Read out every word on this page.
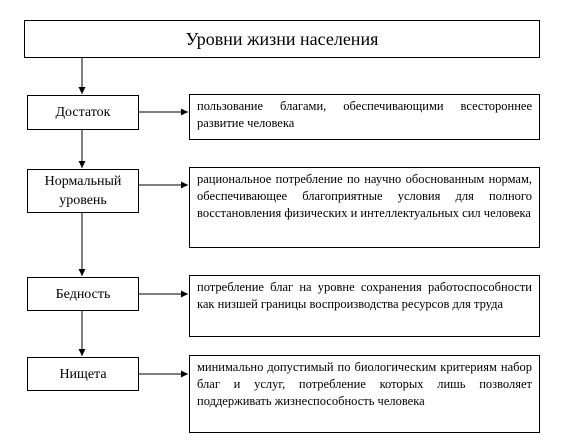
Уровни жизни населения
Достаток	пользование благами, обеспечивающими всестороннее развитие человека
Нормальный уровень
рациональное потребление по научно обоснованным нормам, обеспечивающее благоприятные условия для полного восстановления физических и интеллектуальных сил человека
Бедность	потребление благ на уровне сохранения работоспособности как низшей границы воспроизводства ресурсов для труда
Нищета	минимально допустимый по биологическим критериям набор благ и услуг, потребление которых лишь позволяет поддерживать жизнеспособность человека
